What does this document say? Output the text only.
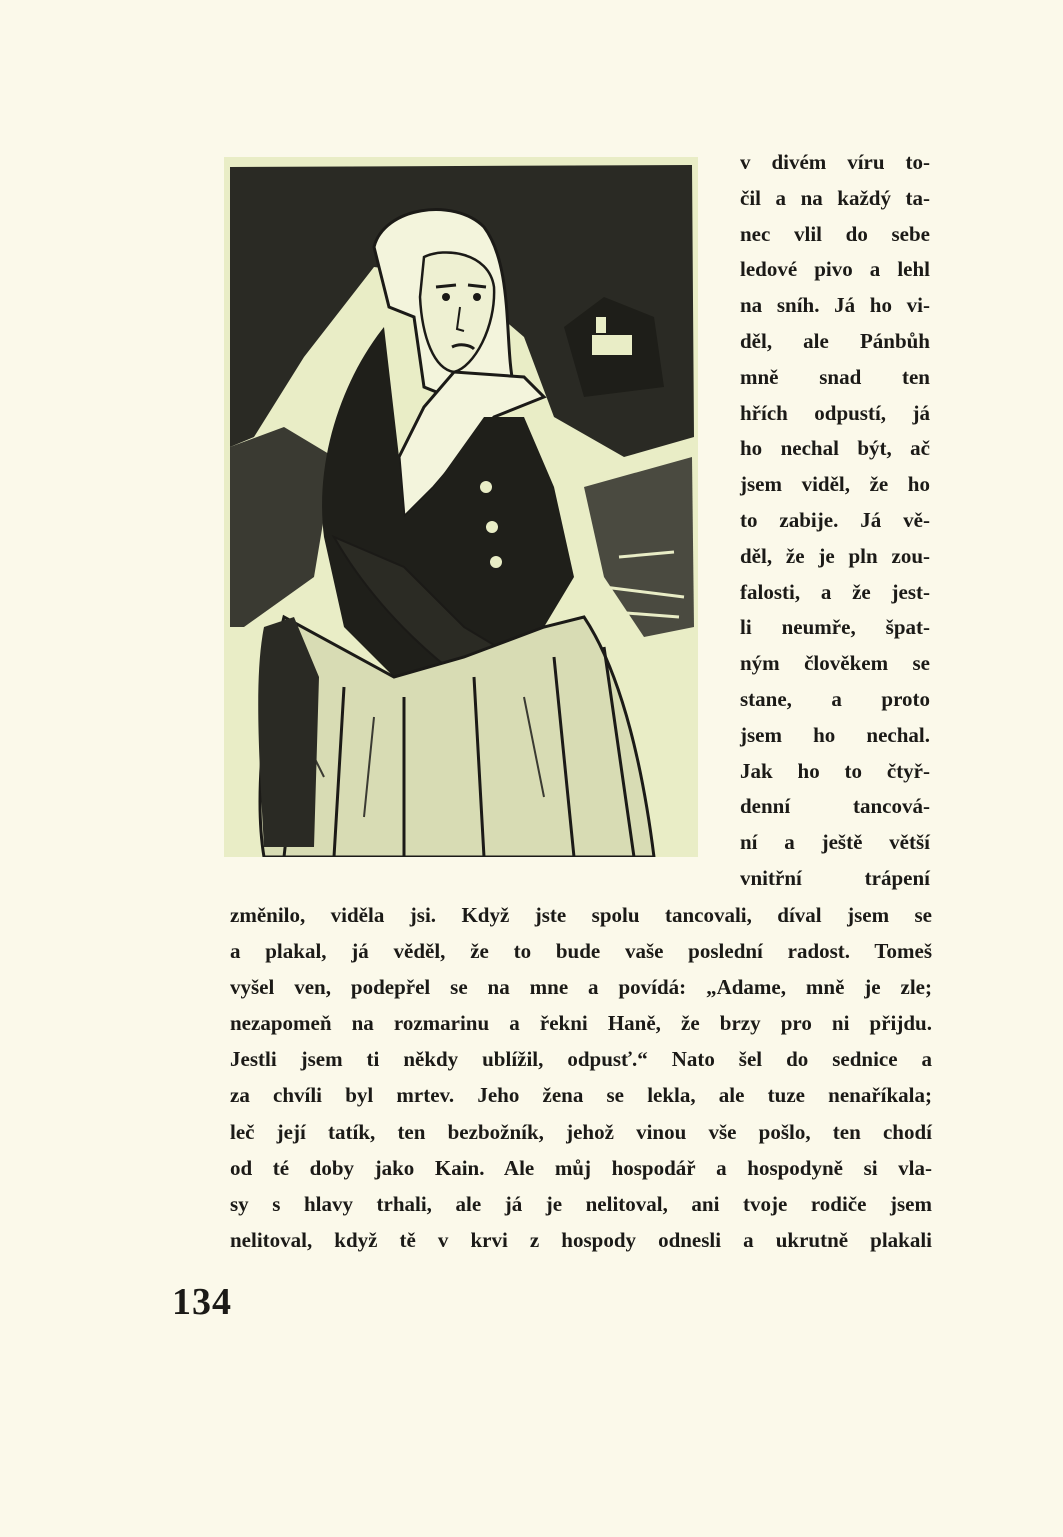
v divém víru to-
čil a na každý ta-
nec vlil do sebe
ledové pivo a lehl
na sníh. Já ho vi-
děl, ale Pánbůh
mně snad ten
hřích odpustí, já
ho nechal být, ač
jsem viděl, že ho
to zabije. Já vě-
děl, že je pln zou-
falosti, a že jest-
li neumře, špat-
ným člověkem se
stane, a proto
jsem ho nechal.
Jak ho to čtyř-
denní tancová-
ní a ještě větší
vnitřní trápení
změnilo, viděla jsi. Když jste spolu tancovali, díval jsem se
a plakal, já věděl, že to bude vaše poslední radost. Tomeš
vyšel ven, podepřel se na mne a povídá: „Adame, mně je zle;
nezapomeň na rozmarinu a řekni Haně, že brzy pro ni přijdu.
Jestli jsem ti někdy ublížil, odpusť.“ Nato šel do sednice a
za chvíli byl mrtev. Jeho žena se lekla, ale tuze nenaříkala;
leč její tatík, ten bezbožník, jehož vinou vše pošlo, ten chodí
od té doby jako Kain. Ale můj hospodář a hospodyně si vla-
sy s hlavy trhali, ale já je nelitoval, ani tvoje rodiče jsem
nelitoval, když tě v krvi z hospody odnesli a ukrutně plakali
134
